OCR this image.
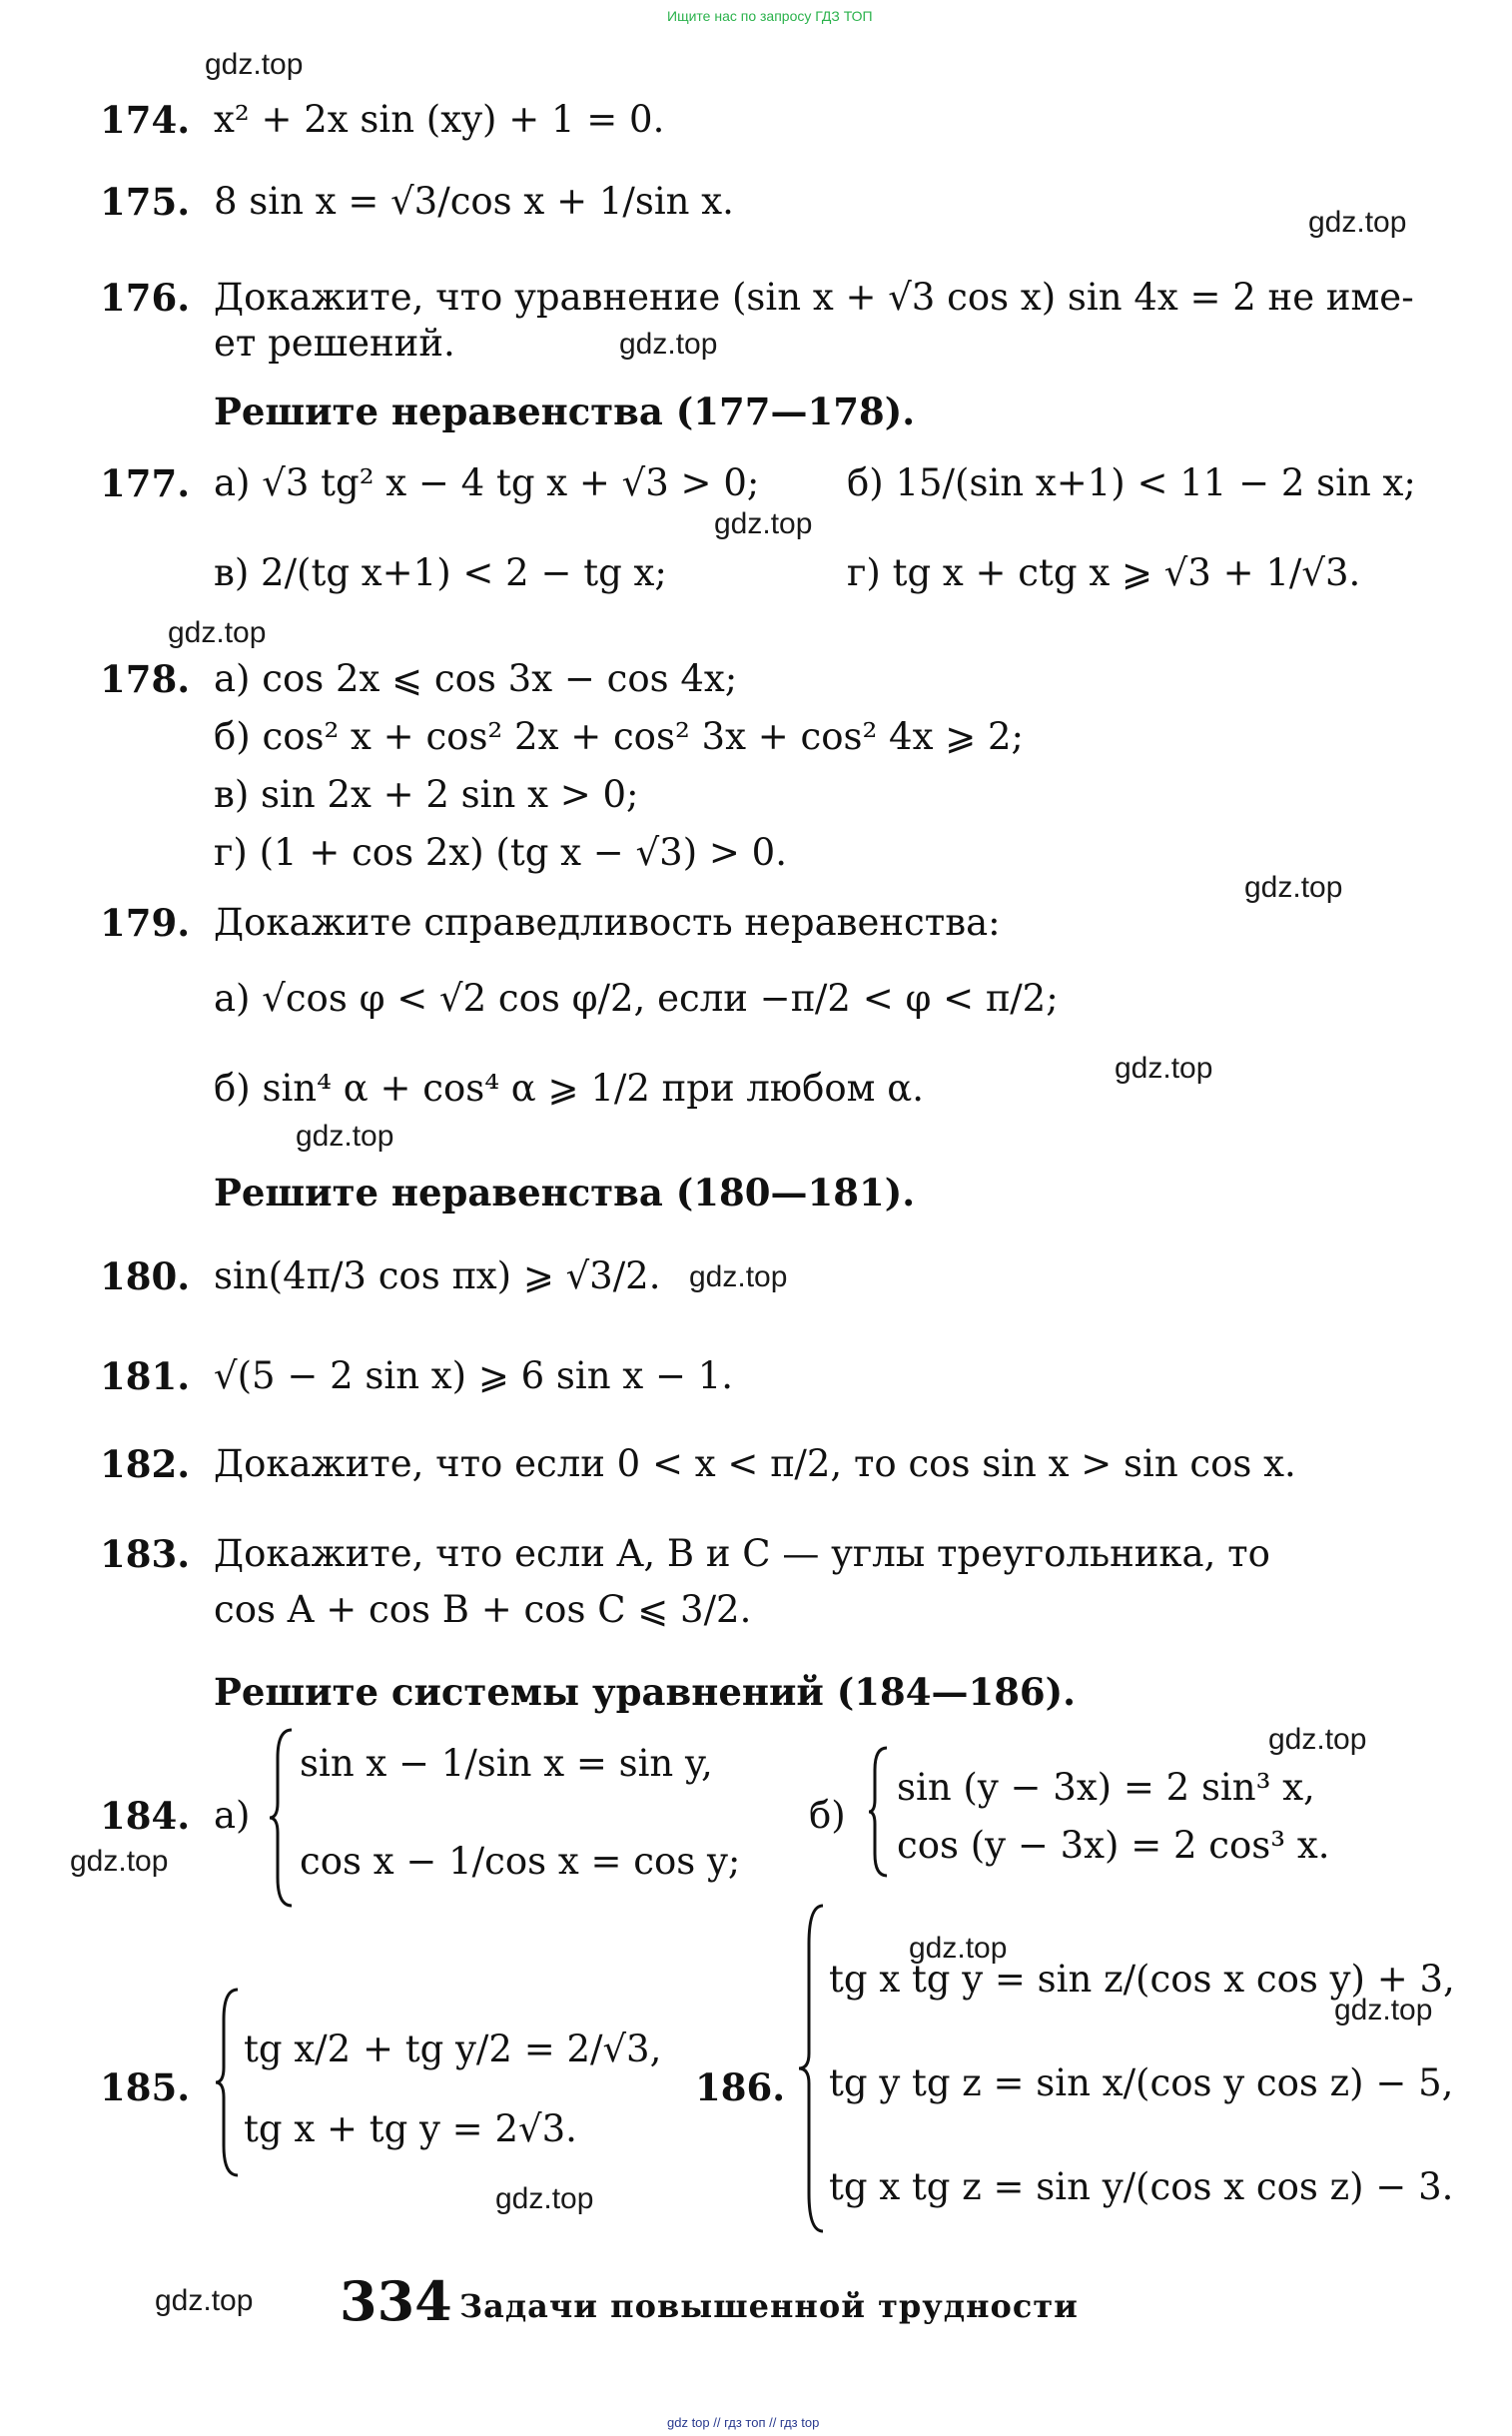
Ищите нас по запросу ГДЗ ТОП
gdz top // гдз топ // гдз top
gdz.top
gdz.top
gdz.top
gdz.top
gdz.top
gdz.top
gdz.top
gdz.top
gdz.top
gdz.top
gdz.top
gdz.top
gdz.top
gdz.top
gdz.top
174. x² + 2x sin (xy) + 1 = 0.
175. 8 sin x = √3/cos x + 1/sin x.
176. Докажите, что уравнение (sin x + √3 cos x) sin 4x = 2 не име-
ет решений.
Решите неравенства (177—178).
177. а) √3 tg² x − 4 tg x + √3 > 0; б) 15/(sin x+1) < 11 − 2 sin x;
в) 2/(tg x+1) < 2 − tg x;	г) tg x + ctg x ⩾ √3 + 1/√3.
178. а) cos 2x ⩽ cos 3x − cos 4x;
б) cos² x + cos² 2x + cos² 3x + cos² 4x ⩾ 2;
в) sin 2x + 2 sin x > 0;
г) (1 + cos 2x) (tg x − √3) > 0.
179. Докажите справедливость неравенства:
а) √cos φ < √2 cos φ/2, если −π/2 < φ < π/2;
б) sin⁴ α + cos⁴ α ⩾ 1/2 при любом α.
Решите неравенства (180—181).
180. sin(4π/3 cos πx) ⩾ √3/2.
181. √(5 − 2 sin x) ⩾ 6 sin x − 1.
182. Докажите, что если 0 < x < π/2, то cos sin x > sin cos x.
183. Докажите, что если A, B и C — углы треугольника, то
cos A + cos B + cos C ⩽ 3/2.
Решите системы уравнений (184—186).
184. а)
sin x − 1/sin x = sin y,
cos x − 1/cos x = cos y;
б)
sin (y − 3x) = 2 sin³ x,
cos (y − 3x) = 2 cos³ x.
185.
tg x/2 + tg y/2 = 2/√3,
tg x + tg y = 2√3.
186.
tg x tg y = sin z/(cos x cos y) + 3,
tg y tg z = sin x/(cos y cos z) − 5,
tg x tg z = sin y/(cos x cos z) − 3.
334 Задачи повышенной трудности
